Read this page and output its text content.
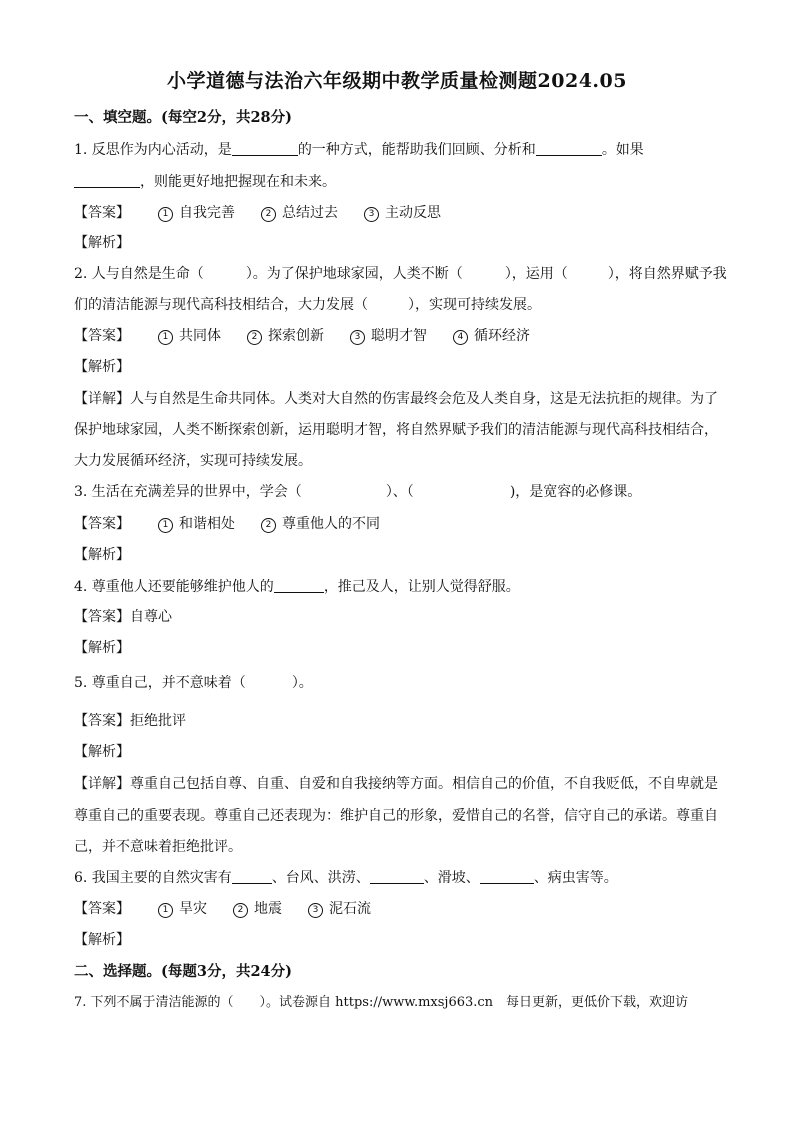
小学道德与法治六年级期中教学质量检测题2024.05
一、填空题。(每空2分，共28分)
1. 反思作为内心活动，是	的一种方式，能帮助我们回顾、分析和	。如果
，则能更好地把握现在和未来。
【答案】	1 自我完善	2 总结过去	3 主动反思
【解析】
2. 人与自然是生命（	）。为了保护地球家园，人类不断（	），运用（	），将自然界赋予我
们的清洁能源与现代高科技相结合，大力发展（	），实现可持续发展。
【答案】	1 共同体	2 探索创新	3 聪明才智	4 循环经济
【解析】
【详解】人与自然是生命共同体。人类对大自然的伤害最终会危及人类自身，这是无法抗拒的规律。为了
保护地球家园，人类不断探索创新，运用聪明才智，将自然界赋予我们的清洁能源与现代高科技相结合，
大力发展循环经济，实现可持续发展。
3. 生活在充满差异的世界中，学会（	）、（	)，是宽容的必修课。
【答案】	1 和谐相处	2 尊重他人的不同
【解析】
4. 尊重他人还要能够维护他人的	，推己及人，让别人觉得舒服。
【答案】自尊心
【解析】
5. 尊重自己，并不意味着（	）。
【答案】拒绝批评
【解析】
【详解】尊重自己包括自尊、自重、自爱和自我接纳等方面。相信自己的价值，不自我贬低，不自卑就是
尊重自己的重要表现。尊重自己还表现为：维护自己的形象，爱惜自己的名誉，信守自己的承诺。尊重自
己，并不意味着拒绝批评。
6. 我国主要的自然灾害有	、台风、洪涝、	、滑坡、	、病虫害等。
【答案】	1 旱灾	2 地震	3 泥石流
【解析】
二、选择题。(每题3分，共24分)
7. 下列不属于清洁能源的（　　）。试卷源自 https://www.mxsj663.cn　每日更新，更低价下载，欢迎访
